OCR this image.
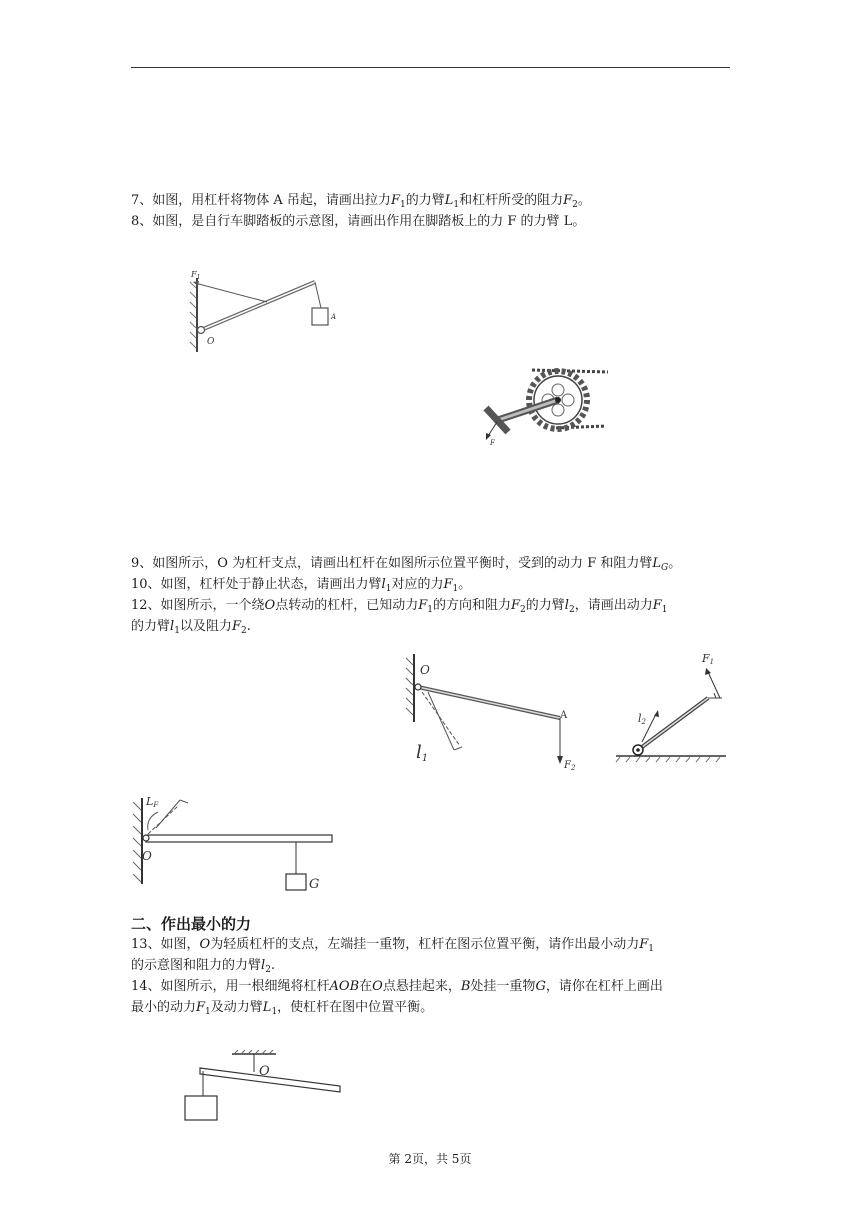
7、如图，用杠杆将物体 A 吊起，请画出拉力$F_1$的力臂$L_1$和杠杆所受的阻力$F_2$。
8、如图，是自行车脚踏板的示意图，请画出作用在脚踏板上的力 F 的力臂 L。
$F_1$
O
A
F
9、如图所示，O 为杠杆支点，请画出杠杆在如图所示位置平衡时，受到的动力 F 和阻力臂$L_G$。
10、如图，杠杆处于静止状态，请画出力臂$l_1$对应的力$F_1$。
12、如图所示，一个绕O点转动的杠杆，已知动力$F_1$的方向和阻力$F_2$的力臂$l_2$，请画出动力$F_1$
的力臂$l_1$以及阻力$F_2$.
O
A
l1
$F_2$
F1
l2
LF
O
G
二、作出最小的力
13、如图，O为轻质杠杆的支点，左端挂一重物，杠杆在图示位置平衡，请作出最小动力$F_1$
的示意图和阻力的力臂$l_2$.
14、如图所示，用一根细绳将杠杆AOB在O点悬挂起来，B处挂一重物G，请你在杠杆上画出
最小的动力$F_1$及动力臂$L_1$，使杠杆在图中位置平衡。
O
第 2页，共 5页
